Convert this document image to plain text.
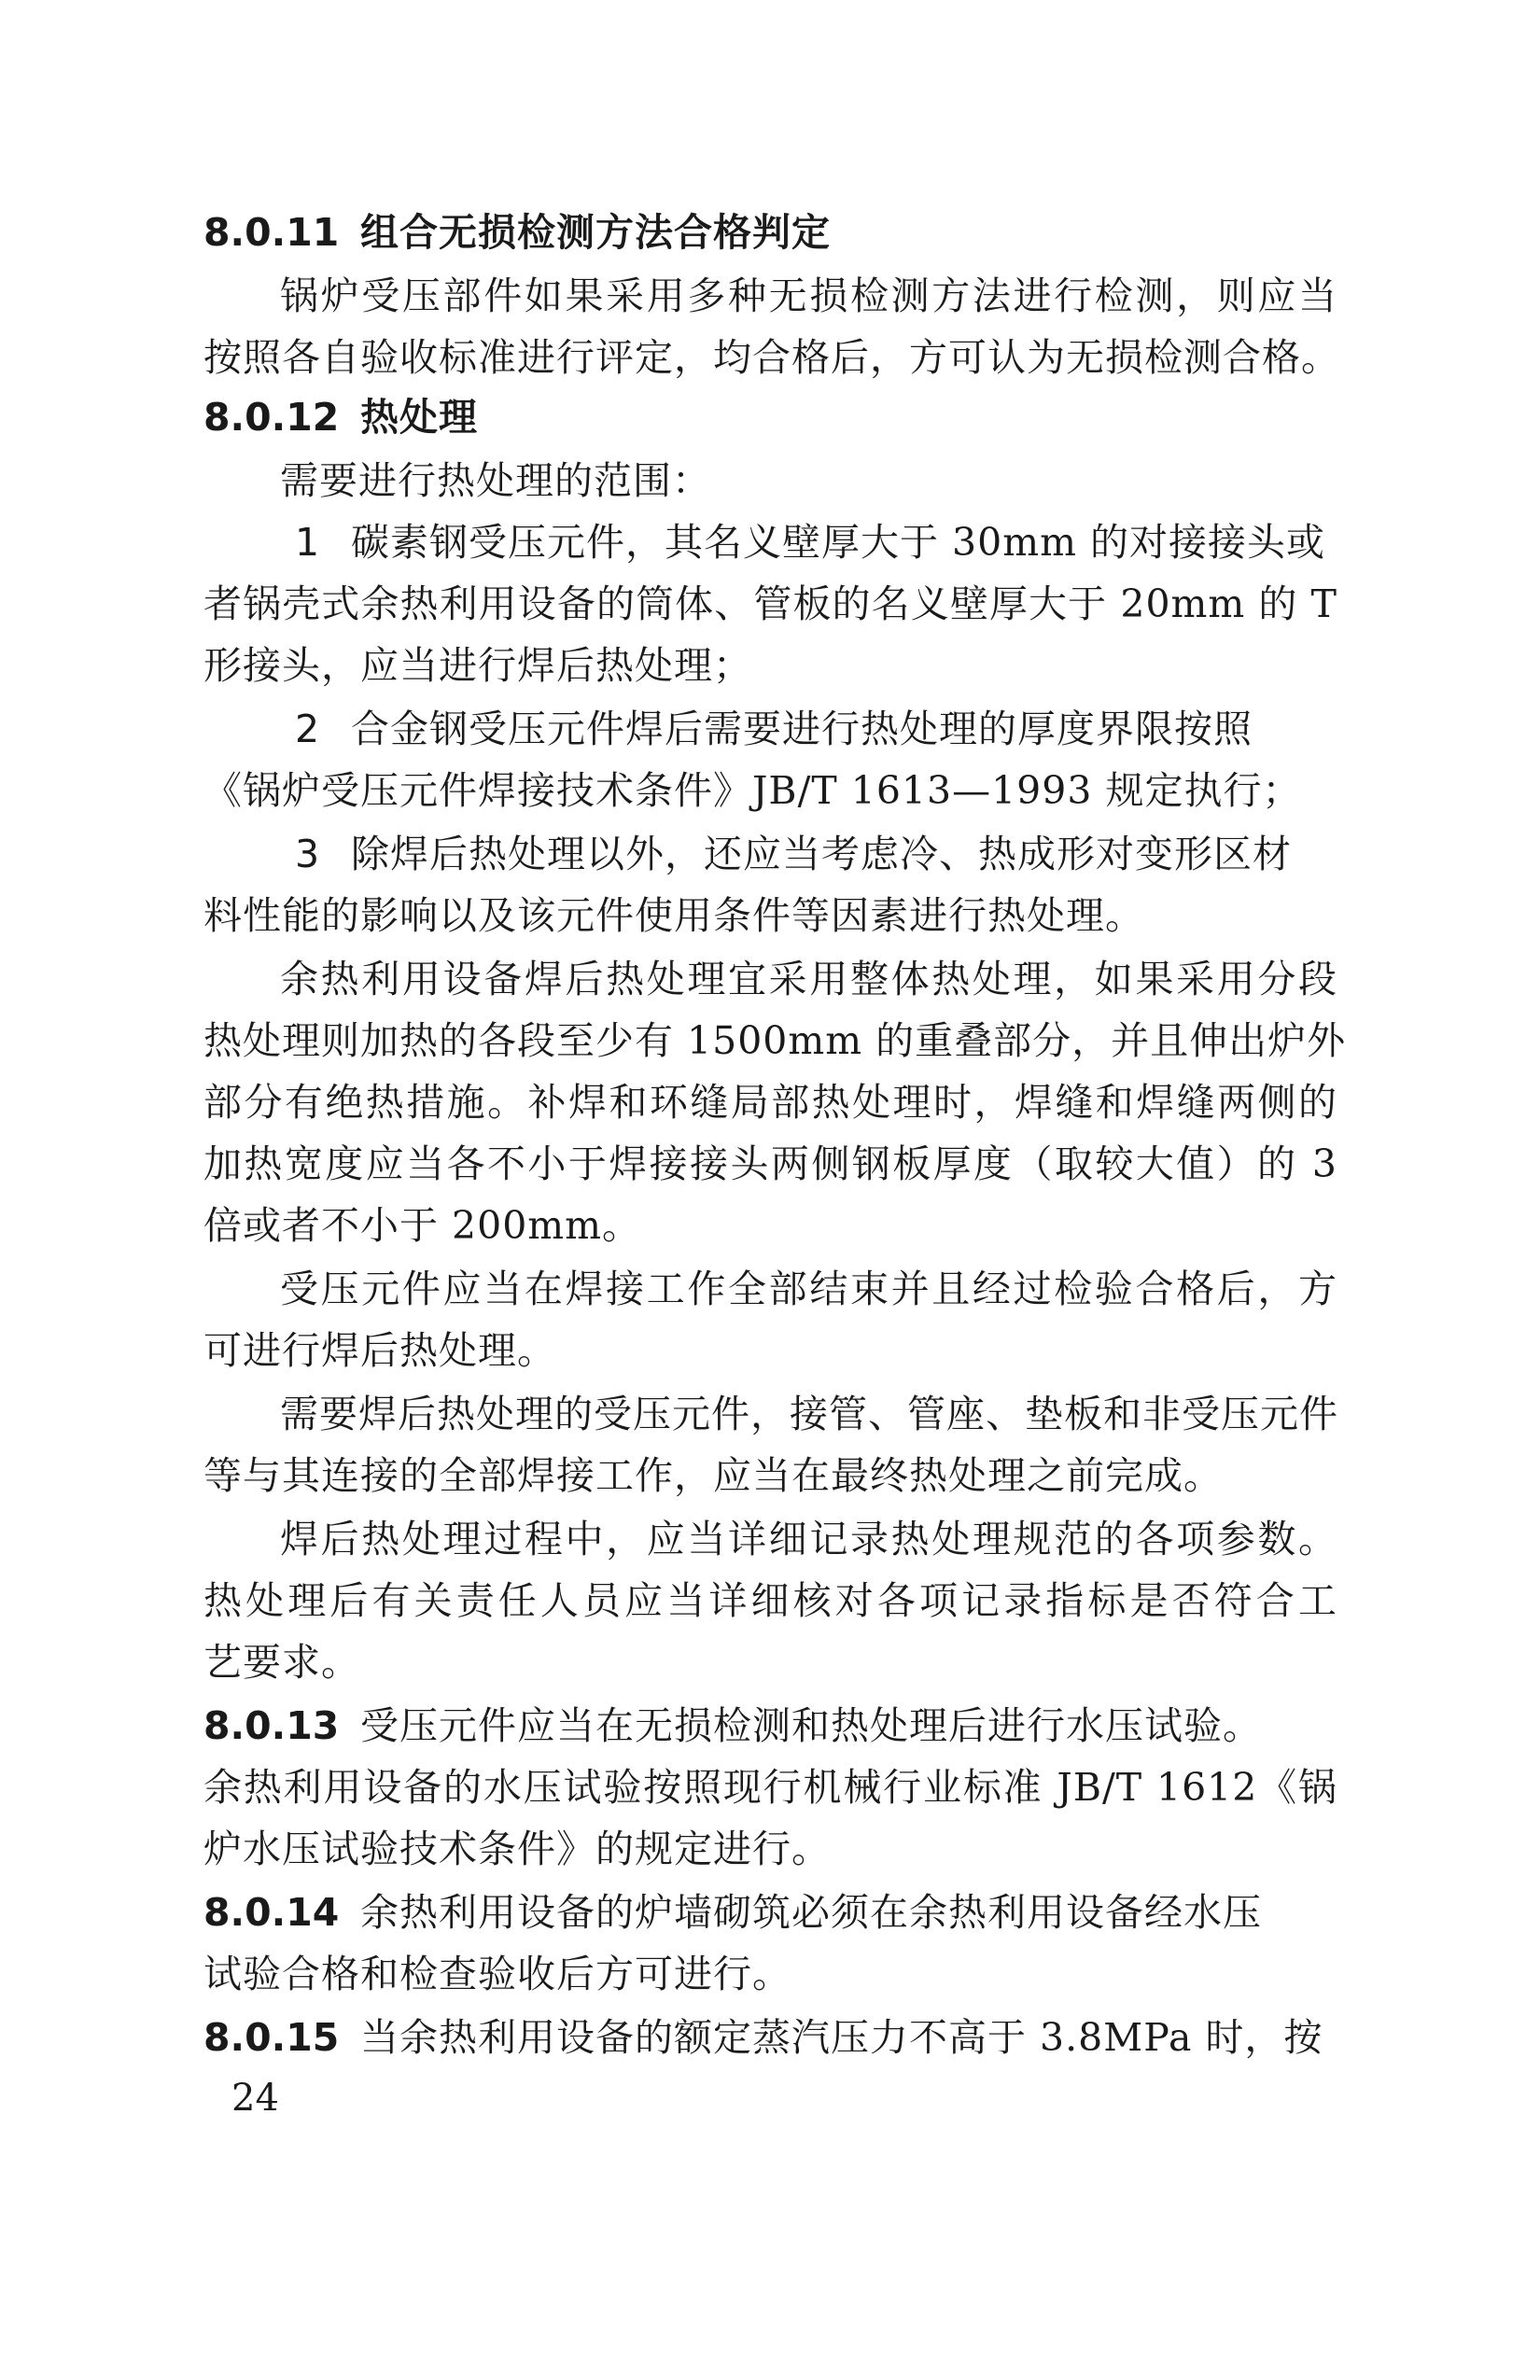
8.0.11 组合无损检测方法合格判定
锅炉受压部件如果采用多种无损检测方法进行检测，则应当
按照各自验收标准进行评定，均合格后，方可认为无损检测合格。
8.0.12 热处理
需要进行热处理的范围：
1 碳素钢受压元件，其名义壁厚大于 30mm 的对接接头或
者锅壳式余热利用设备的筒体、管板的名义壁厚大于 20mm 的 T
形接头，应当进行焊后热处理；
2 合金钢受压元件焊后需要进行热处理的厚度界限按照
《锅炉受压元件焊接技术条件》JB/T 1613—1993 规定执行；
3 除焊后热处理以外，还应当考虑冷、热成形对变形区材
料性能的影响以及该元件使用条件等因素进行热处理。
余热利用设备焊后热处理宜采用整体热处理，如果采用分段
热处理则加热的各段至少有 1500mm 的重叠部分，并且伸出炉外
部分有绝热措施。补焊和环缝局部热处理时，焊缝和焊缝两侧的
加热宽度应当各不小于焊接接头两侧钢板厚度（取较大值）的 3
倍或者不小于 200mm。
受压元件应当在焊接工作全部结束并且经过检验合格后，方
可进行焊后热处理。
需要焊后热处理的受压元件，接管、管座、垫板和非受压元件
等与其连接的全部焊接工作，应当在最终热处理之前完成。
焊后热处理过程中，应当详细记录热处理规范的各项参数。
热处理后有关责任人员应当详细核对各项记录指标是否符合工
艺要求。
8.0.13 受压元件应当在无损检测和热处理后进行水压试验。
余热利用设备的水压试验按照现行机械行业标准 JB/T 1612《锅
炉水压试验技术条件》的规定进行。
8.0.14 余热利用设备的炉墙砌筑必须在余热利用设备经水压
试验合格和检查验收后方可进行。
8.0.15 当余热利用设备的额定蒸汽压力不高于 3.8MPa 时，按
24
